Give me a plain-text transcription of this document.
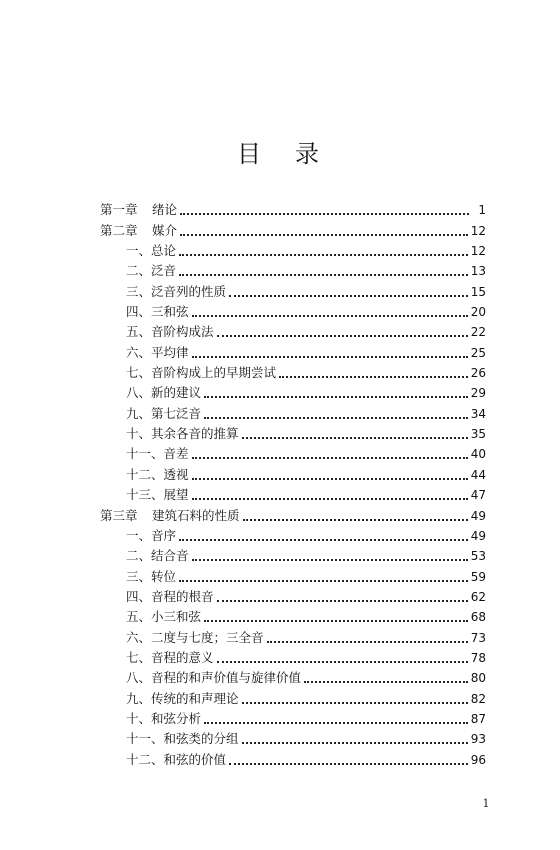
目录
第一章 绪论	1
第二章 媒介	12
一、总论	12
二、泛音	13
三、泛音列的性质	15
四、三和弦	20
五、音阶构成法	22
六、平均律	25
七、音阶构成上的早期尝试	26
八、新的建议	29
九、第七泛音	34
十、其余各音的推算	35
十一、音差	40
十二、透视	44
十三、展望	47
第三章 建筑石料的性质	49
一、音序	49
二、结合音	53
三、转位	59
四、音程的根音	62
五、小三和弦	68
六、二度与七度；三全音	73
七、音程的意义	78
八、音程的和声价值与旋律价值	80
九、传统的和声理论	82
十、和弦分析	87
十一、和弦类的分组	93
十二、和弦的价值	96
1
